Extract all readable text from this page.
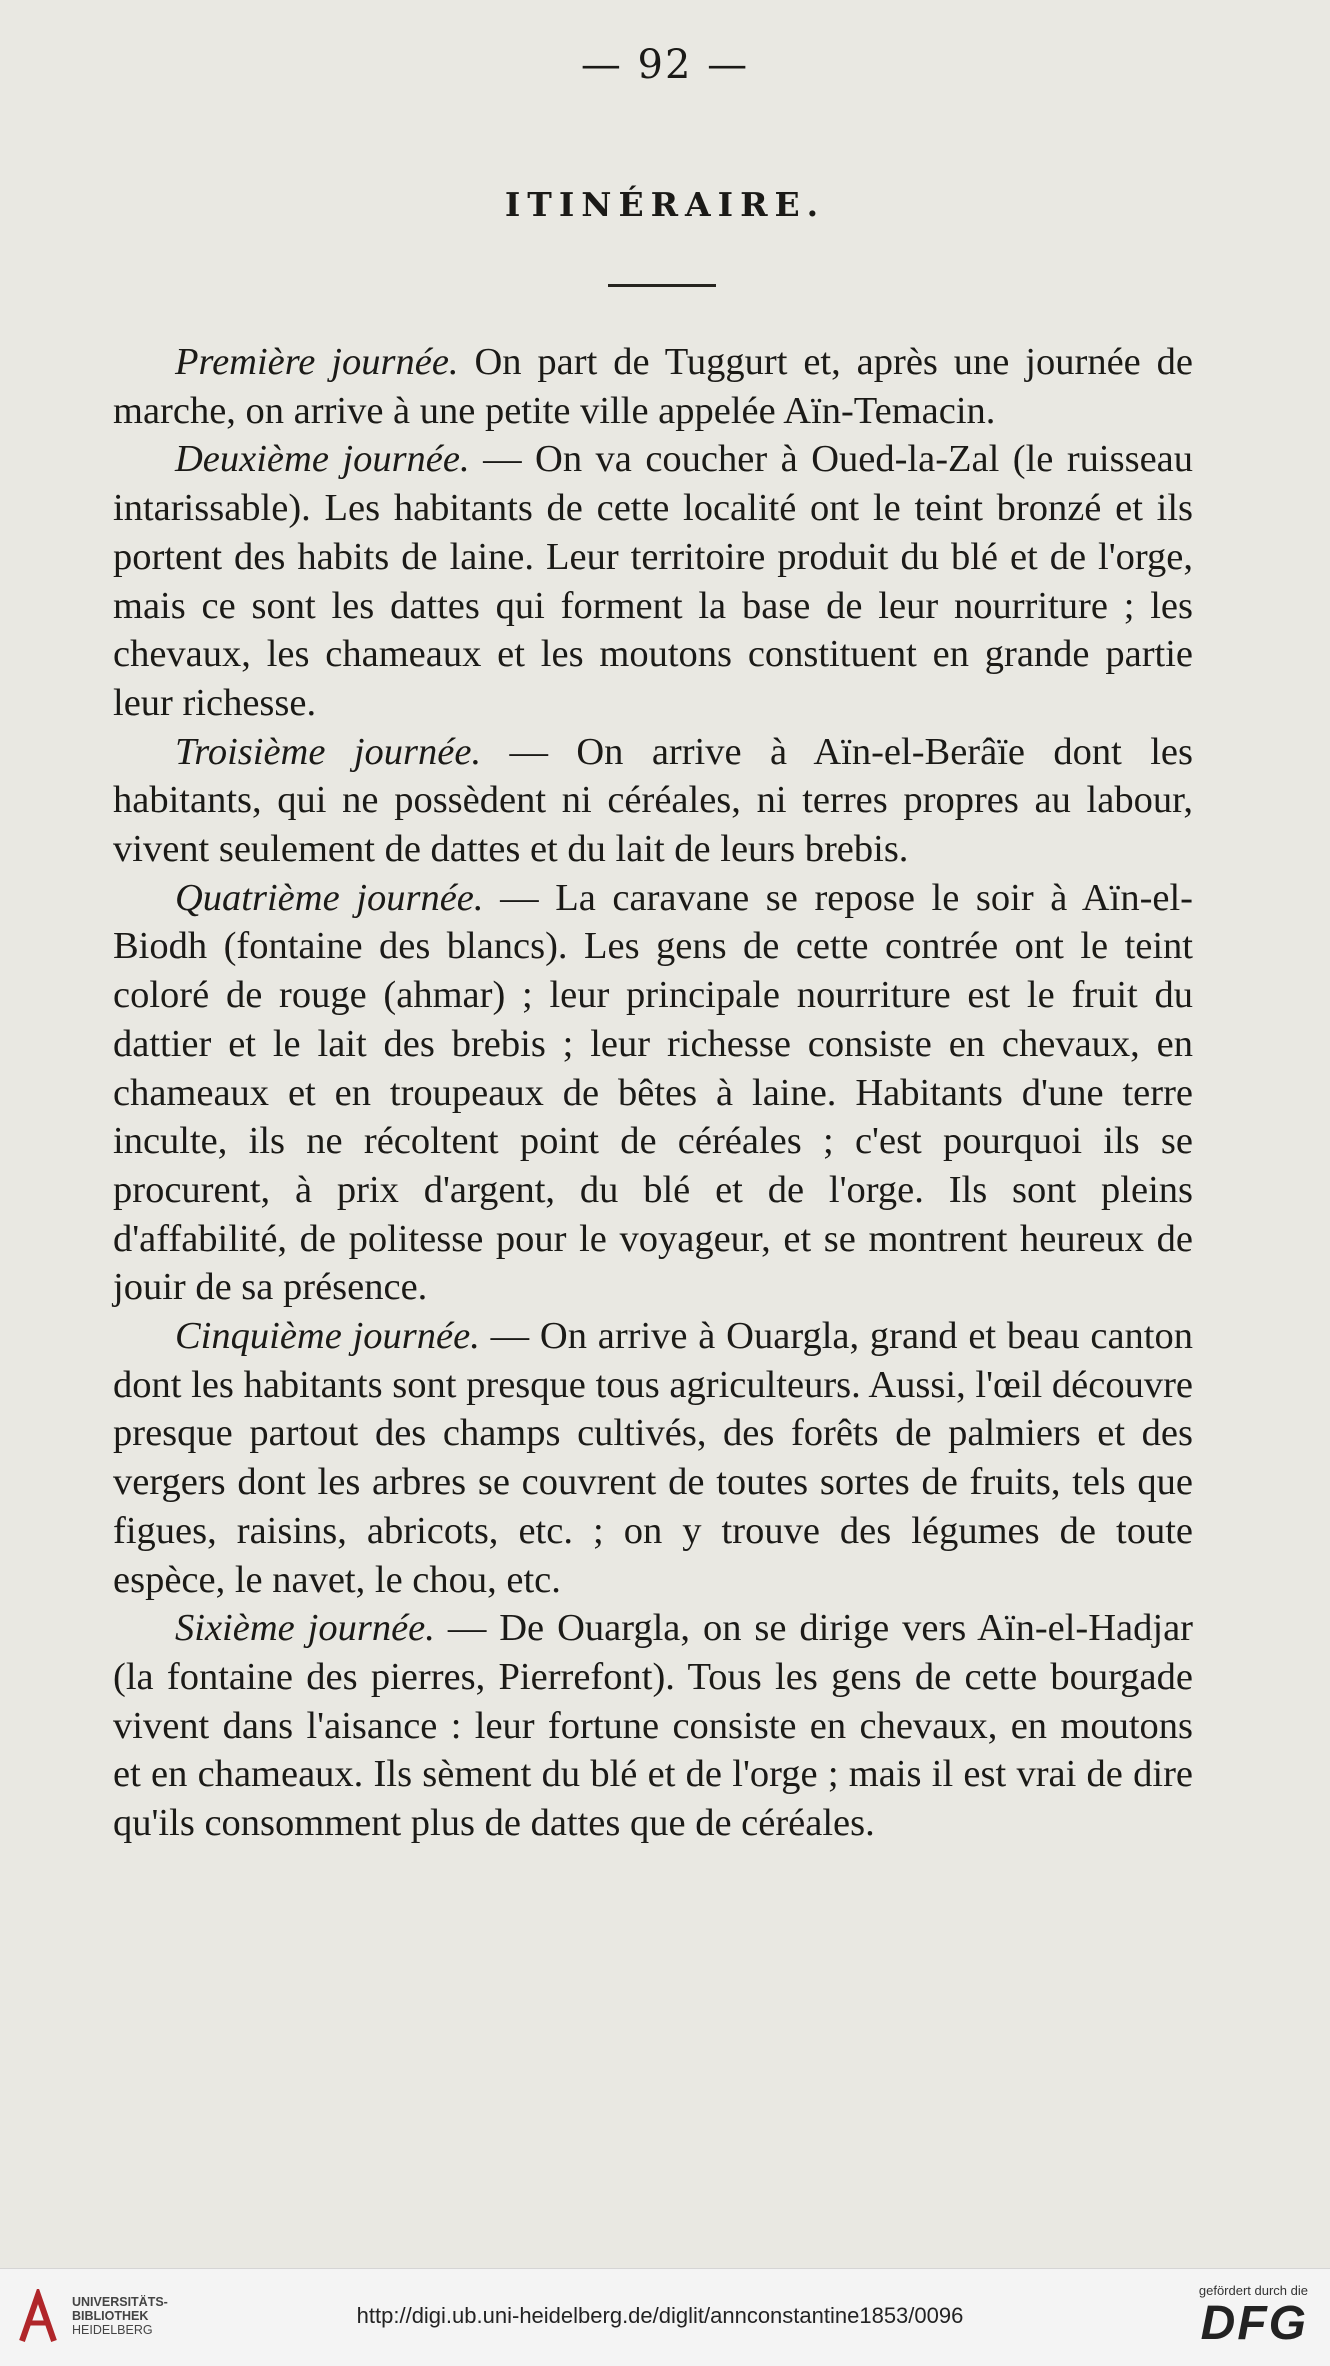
— 92 —
ITINÉRAIRE.

Première journée. On part de Tuggurt et, après une journée de marche, on arrive à une petite ville appelée Aïn-Temacin.

Deuxième journée. — On va coucher à Oued-la-Zal (le ruisseau intarissable). Les habitants de cette localité ont le teint bronzé et ils portent des habits de laine. Leur territoire produit du blé et de l'orge, mais ce sont les dattes qui forment la base de leur nourriture ; les chevaux, les chameaux et les moutons constituent en grande partie leur richesse.

Troisième journée. — On arrive à Aïn-el-Berâïe dont les habitants, qui ne possèdent ni céréales, ni terres propres au labour, vivent seulement de dattes et du lait de leurs brebis.

Quatrième journée. — La caravane se repose le soir à Aïn-el-Biodh (fontaine des blancs). Les gens de cette contrée ont le teint coloré de rouge (ahmar) ; leur principale nourriture est le fruit du dattier et le lait des brebis ; leur richesse consiste en chevaux, en chameaux et en troupeaux de bêtes à laine. Habitants d'une terre inculte, ils ne récoltent point de céréales ; c'est pourquoi ils se procurent, à prix d'argent, du blé et de l'orge. Ils sont pleins d'affabilité, de politesse pour le voyageur, et se montrent heureux de jouir de sa présence.

Cinquième journée. — On arrive à Ouargla, grand et beau canton dont les habitants sont presque tous agriculteurs. Aussi, l'œil découvre presque partout des champs cultivés, des forêts de palmiers et des vergers dont les arbres se couvrent de toutes sortes de fruits, tels que figues, raisins, abricots, etc. ; on y trouve des légumes de toute espèce, le navet, le chou, etc.

Sixième journée. — De Ouargla, on se dirige vers Aïn-el-Hadjar (la fontaine des pierres, Pierrefont). Tous les gens de cette bourgade vivent dans l'aisance : leur fortune consiste en chevaux, en moutons et en chameaux. Ils sèment du blé et de l'orge ; mais il est vrai de dire qu'ils consomment plus de dattes que de céréales.

UNIVERSITÄTS-
BIBLIOTHEK
HEIDELBERG
http://digi.ub.uni-heidelberg.de/diglit/annconstantine1853/0096
gefördert durch die
DFG
